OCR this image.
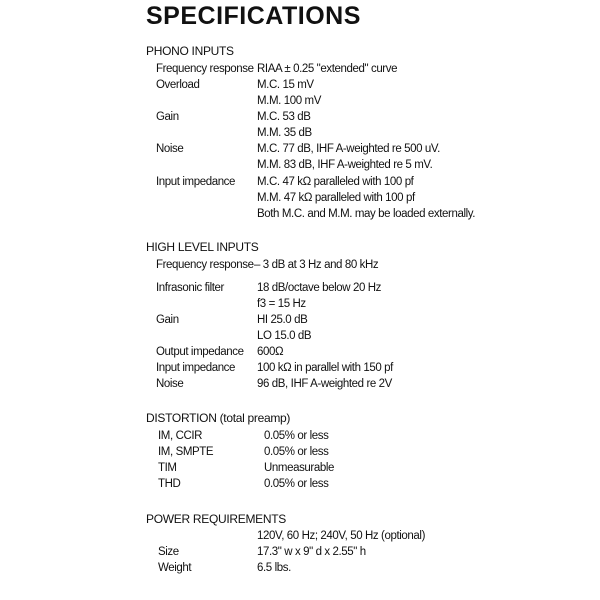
SPECIFICATIONS
PHONO INPUTS
Frequency response RIAA ± 0.25 "extended" curve
Overload	M.C. 15 mV
M.M. 100 mV
Gain	M.C. 53 dB
M.M. 35 dB
Noise	M.C. 77 dB, IHF A-weighted re 500 uV.
M.M. 83 dB, IHF A-weighted re 5 mV.
Input impedance M.C. 47 kΩ paralleled with 100 pf
M.M. 47 kΩ paralleled with 100 pf
Both M.C. and M.M. may be loaded externally.
HIGH LEVEL INPUTS
Frequency response – 3 dB at 3 Hz and 80 kHz
Infrasonic filter	18 dB/octave below 20 Hz
f3 = 15 Hz
Gain	HI 25.0 dB
LO 15.0 dB
Output impedance 600Ω
Input impedance 100 kΩ in parallel with 150 pf
Noise	96 dB, IHF A-weighted re 2V
DISTORTION (total preamp)
IM, CCIR	0.05% or less
IM, SMPTE	0.05% or less
TIM	Unmeasurable
THD	0.05% or less
POWER REQUIREMENTS
120V, 60 Hz; 240V, 50 Hz (optional)
Size	17.3" w x 9" d x 2.55" h
Weight	6.5 lbs.
